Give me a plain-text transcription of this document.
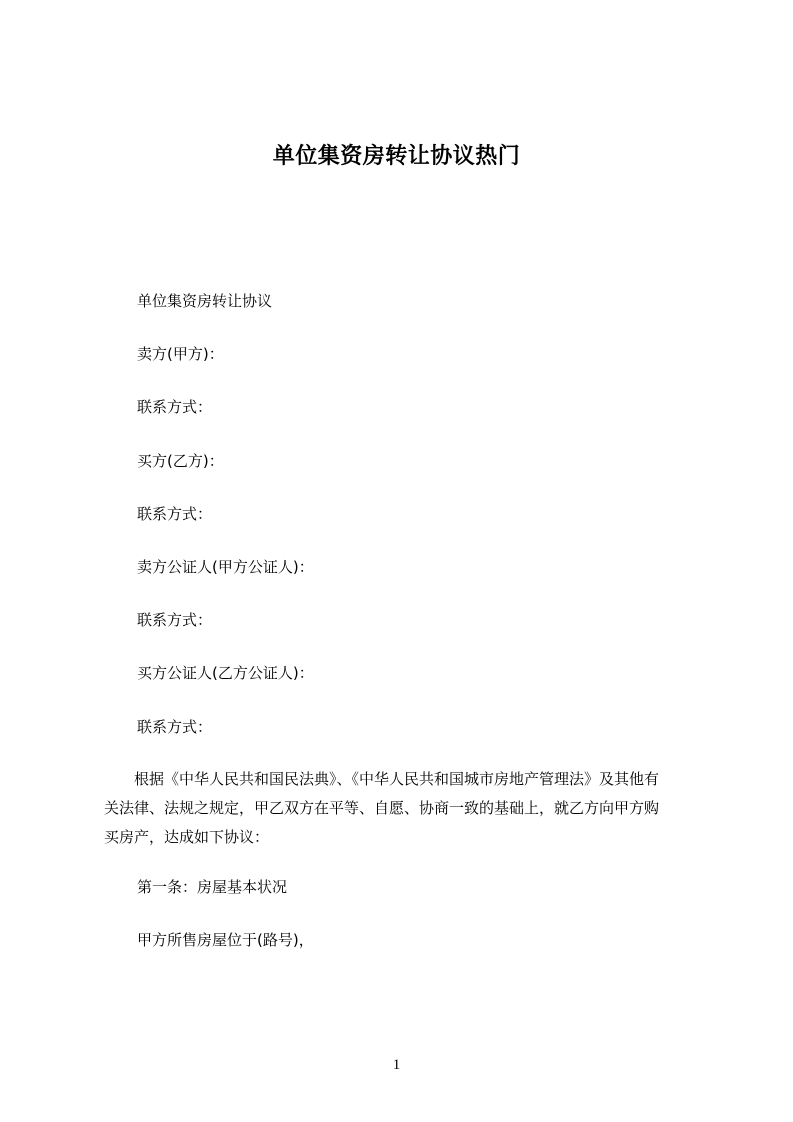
单位集资房转让协议热门
单位集资房转让协议
卖方(甲方)：
联系方式：
买方(乙方)：
联系方式：
卖方公证人(甲方公证人)：
联系方式：
买方公证人(乙方公证人)：
联系方式：
　　根据《中华人民共和国民法典》、《中华人民共和国城市房地产管理法》及其他有
关法律、法规之规定，甲乙双方在平等、自愿、协商一致的基础上，就乙方向甲方购
买房产，达成如下协议：
第一条：房屋基本状况
甲方所售房屋位于(路号)，
1
